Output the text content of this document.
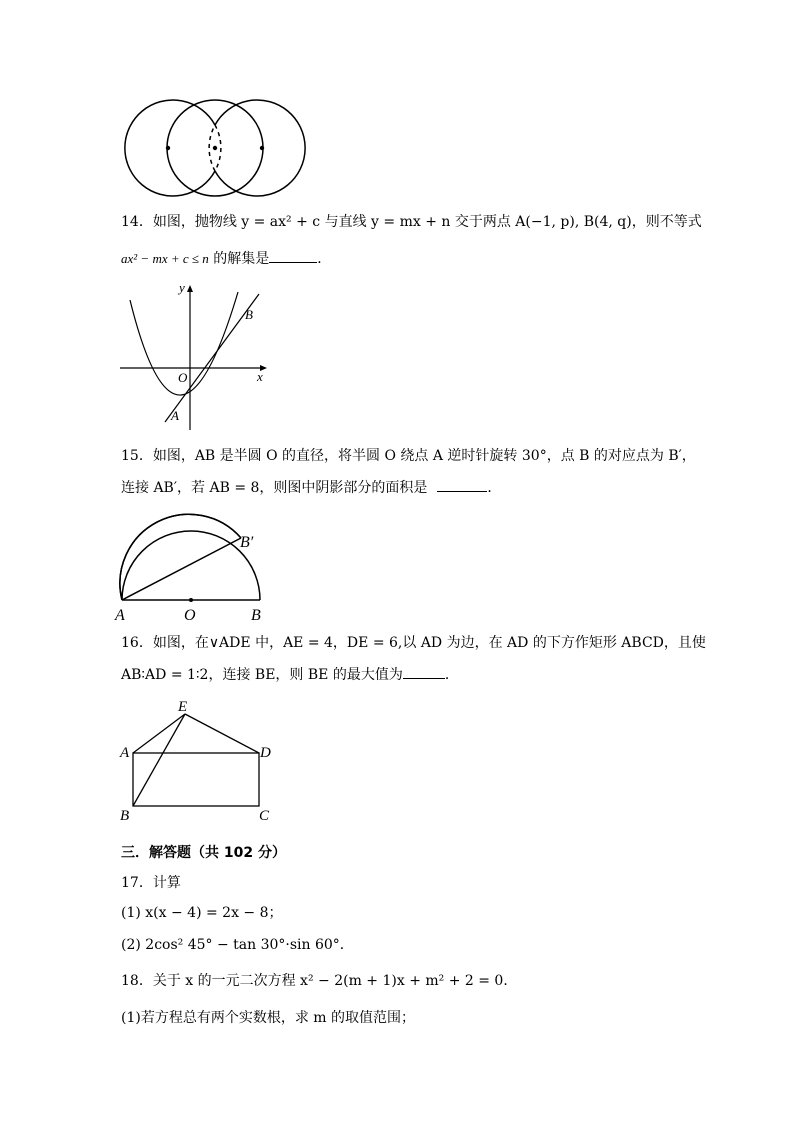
14．如图，抛物线 y = ax² + c 与直线 y = mx + n 交于两点 A(−1, p), B(4, q)，则不等式
ax² − mx + c ≤ n 的解集是	．
y
x
O
A
B
15．如图，AB 是半圆 O 的直径，将半圆 O 绕点 A 逆时针旋转 30°，点 B 的对应点为 B′，
连接 AB′，若 AB = 8，则图中阴影部分的面积是	．
A	O	B
B′
16．如图，在∨ADE 中，AE = 4，DE = 6,以 AD 为边，在 AD 的下方作矩形 ABCD，且使
AB∶AD = 1∶2，连接 BE，则 BE 的最大值为	．
E
A	D
B	C
三．解答题（共 102 分）
17．计算
(1) x(x − 4) = 2x − 8；
(2) 2cos² 45° − tan 30°·sin 60°．
18．关于 x 的一元二次方程 x² − 2(m + 1)x + m² + 2 = 0．
(1)若方程总有两个实数根，求 m 的取值范围；
